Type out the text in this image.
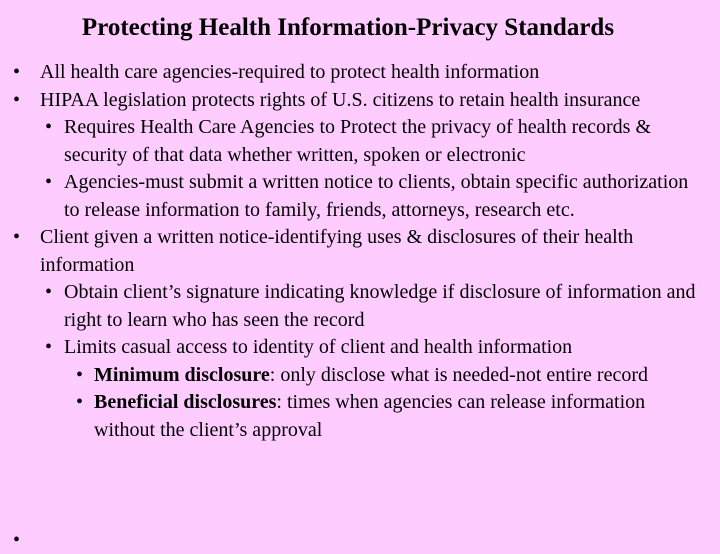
Protecting Health Information-Privacy Standards
• All health care agencies-required to protect health information
• HIPAA legislation protects rights of U.S. citizens to retain health insurance
• Requires Health Care Agencies to Protect the privacy of health records & security of that data whether written, spoken or electronic
• Agencies-must submit a written notice to clients, obtain specific authorization to release information to family, friends, attorneys, research etc.
• Client given a written notice-identifying uses & disclosures of their health information
• Obtain client’s signature indicating knowledge if disclosure of information and right to learn who has seen the record
• Limits casual access to identity of client and health information
• Minimum disclosure: only disclose what is needed-not entire record
• Beneficial disclosures: times when agencies can release information without the client’s approval
•
